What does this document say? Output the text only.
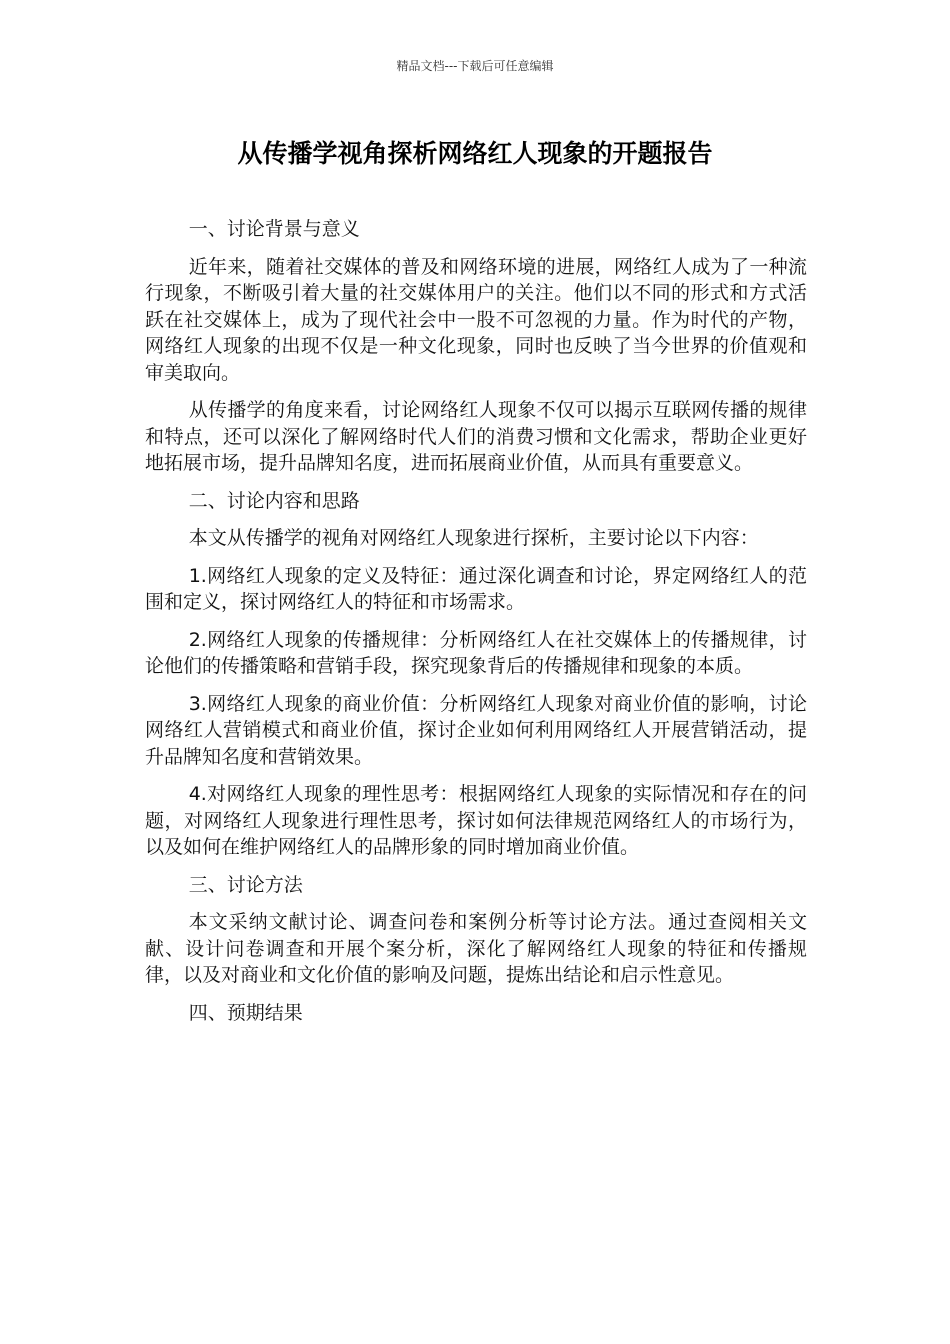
精品文档---下载后可任意编辑
从传播学视角探析网络红人现象的开题报告

一、讨论背景与意义

近年来，随着社交媒体的普及和网络环境的进展，网络红人成为了一种流行现象，不断吸引着大量的社交媒体用户的关注。他们以不同的形式和方式活跃在社交媒体上，成为了现代社会中一股不可忽视的力量。作为时代的产物，网络红人现象的出现不仅是一种文化现象，同时也反映了当今世界的价值观和审美取向。

从传播学的角度来看，讨论网络红人现象不仅可以揭示互联网传播的规律和特点，还可以深化了解网络时代人们的消费习惯和文化需求，帮助企业更好地拓展市场，提升品牌知名度，进而拓展商业价值，从而具有重要意义。

二、讨论内容和思路

本文从传播学的视角对网络红人现象进行探析，主要讨论以下内容：

1.网络红人现象的定义及特征：通过深化调查和讨论，界定网络红人的范围和定义，探讨网络红人的特征和市场需求。

2.网络红人现象的传播规律：分析网络红人在社交媒体上的传播规律，讨论他们的传播策略和营销手段，探究现象背后的传播规律和现象的本质。

3.网络红人现象的商业价值：分析网络红人现象对商业价值的影响，讨论网络红人营销模式和商业价值，探讨企业如何利用网络红人开展营销活动，提升品牌知名度和营销效果。

4.对网络红人现象的理性思考：根据网络红人现象的实际情况和存在的问题，对网络红人现象进行理性思考，探讨如何法律规范网络红人的市场行为，以及如何在维护网络红人的品牌形象的同时增加商业价值。

三、讨论方法

本文采纳文献讨论、调查问卷和案例分析等讨论方法。通过查阅相关文献、设计问卷调查和开展个案分析，深化了解网络红人现象的特征和传播规律，以及对商业和文化价值的影响及问题，提炼出结论和启示性意见。

四、预期结果
